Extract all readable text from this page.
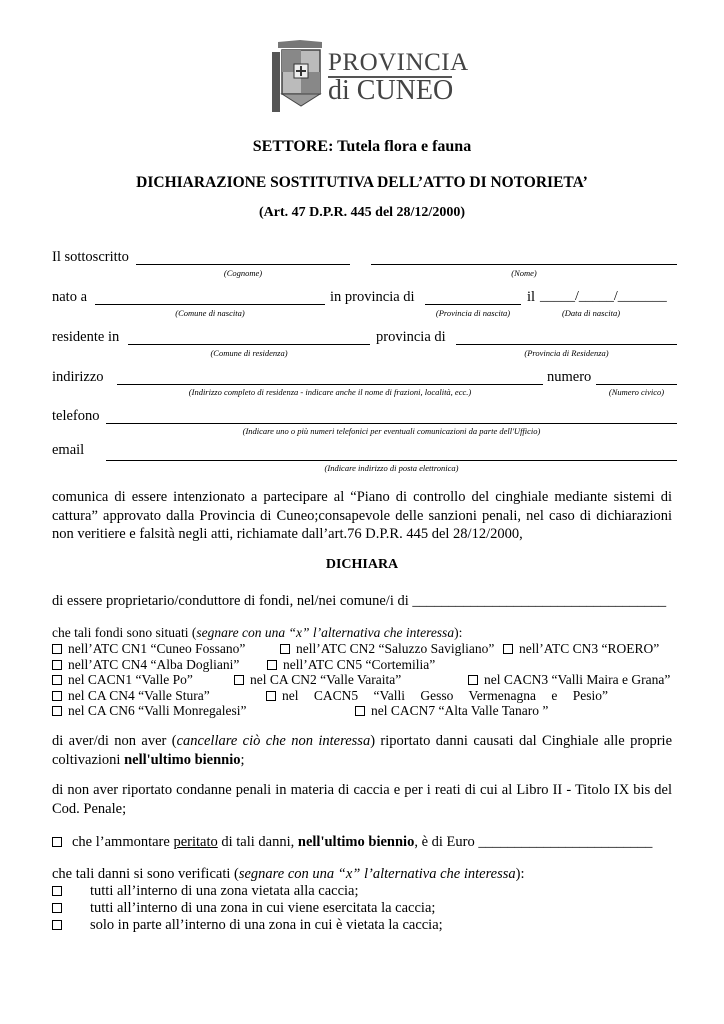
PROVINCIA
di CUNEO
SETTORE: Tutela flora e fauna
DICHIARAZIONE SOSTITUTIVA DELL’ATTO DI NOTORIETA’
(Art. 47 D.P.R. 445 del 28/12/2000)
Il sottoscritto
(Cognome)	(Nome)
nato a
(Comune di nascita)
in provincia di
(Provincia di nascita)
il _____/_____/_______
(Data di nascita)
residente in
(Comune di residenza)
provincia di
(Provincia di Residenza)
indirizzo
(Indirizzo completo di residenza - indicare anche il nome di frazioni, località, ecc.)
numero
(Numero civico)
telefono
(Indicare uno o più numeri telefonici per eventuali comunicazioni da parte dell'Ufficio)
email
(Indicare indirizzo di posta elettronica)
comunica di essere intenzionato a partecipare al “Piano di controllo del cinghiale mediante sistemi di cattura” approvato dalla Provincia di Cuneo;consapevole delle sanzioni penali, nel caso di dichiarazioni non veritiere e falsità negli atti, richiamate dall’art.76 D.P.R. 445 del 28/12/2000,
DICHIARA
di essere proprietario/conduttore di fondi, nel/nei comune/i di ___________________________________
che tali fondi sono situati (segnare con una “x” l’alternativa che interessa):
nell’ATC CN1 “Cuneo Fossano”	nell’ATC CN2 “Saluzzo Savigliano”	nell’ATC CN3 “ROERO”
nell’ATC CN4 “Alba Dogliani”	nell’ATC CN5 “Cortemilia”
nel CACN1 “Valle Po”	nel CA CN2 “Valle Varaita”	nel CACN3 “Valli Maira e Grana”
nel CA CN4 “Valle Stura”	nel CACN5 “Valli Gesso Vermenagna e Pesio”
nel CA CN6 “Valli Monregalesi”	nel CACN7 “Alta Valle Tanaro ”
di aver/di non aver (cancellare ciò che non interessa) riportato danni causati dal Cinghiale alle proprie coltivazioni nell'ultimo biennio;
di non aver riportato condanne penali in materia di caccia e per i reati di cui al Libro II - Titolo IX bis del Cod. Penale;
che l’ammontare peritato di tali danni, nell'ultimo biennio, è di Euro ________________________
che tali danni si sono verificati (segnare con una “x” l’alternativa che interessa):
tutti all’interno di una zona vietata alla caccia;
tutti all’interno di una zona in cui viene esercitata la caccia;
solo in parte all’interno di una zona in cui è vietata la caccia;
